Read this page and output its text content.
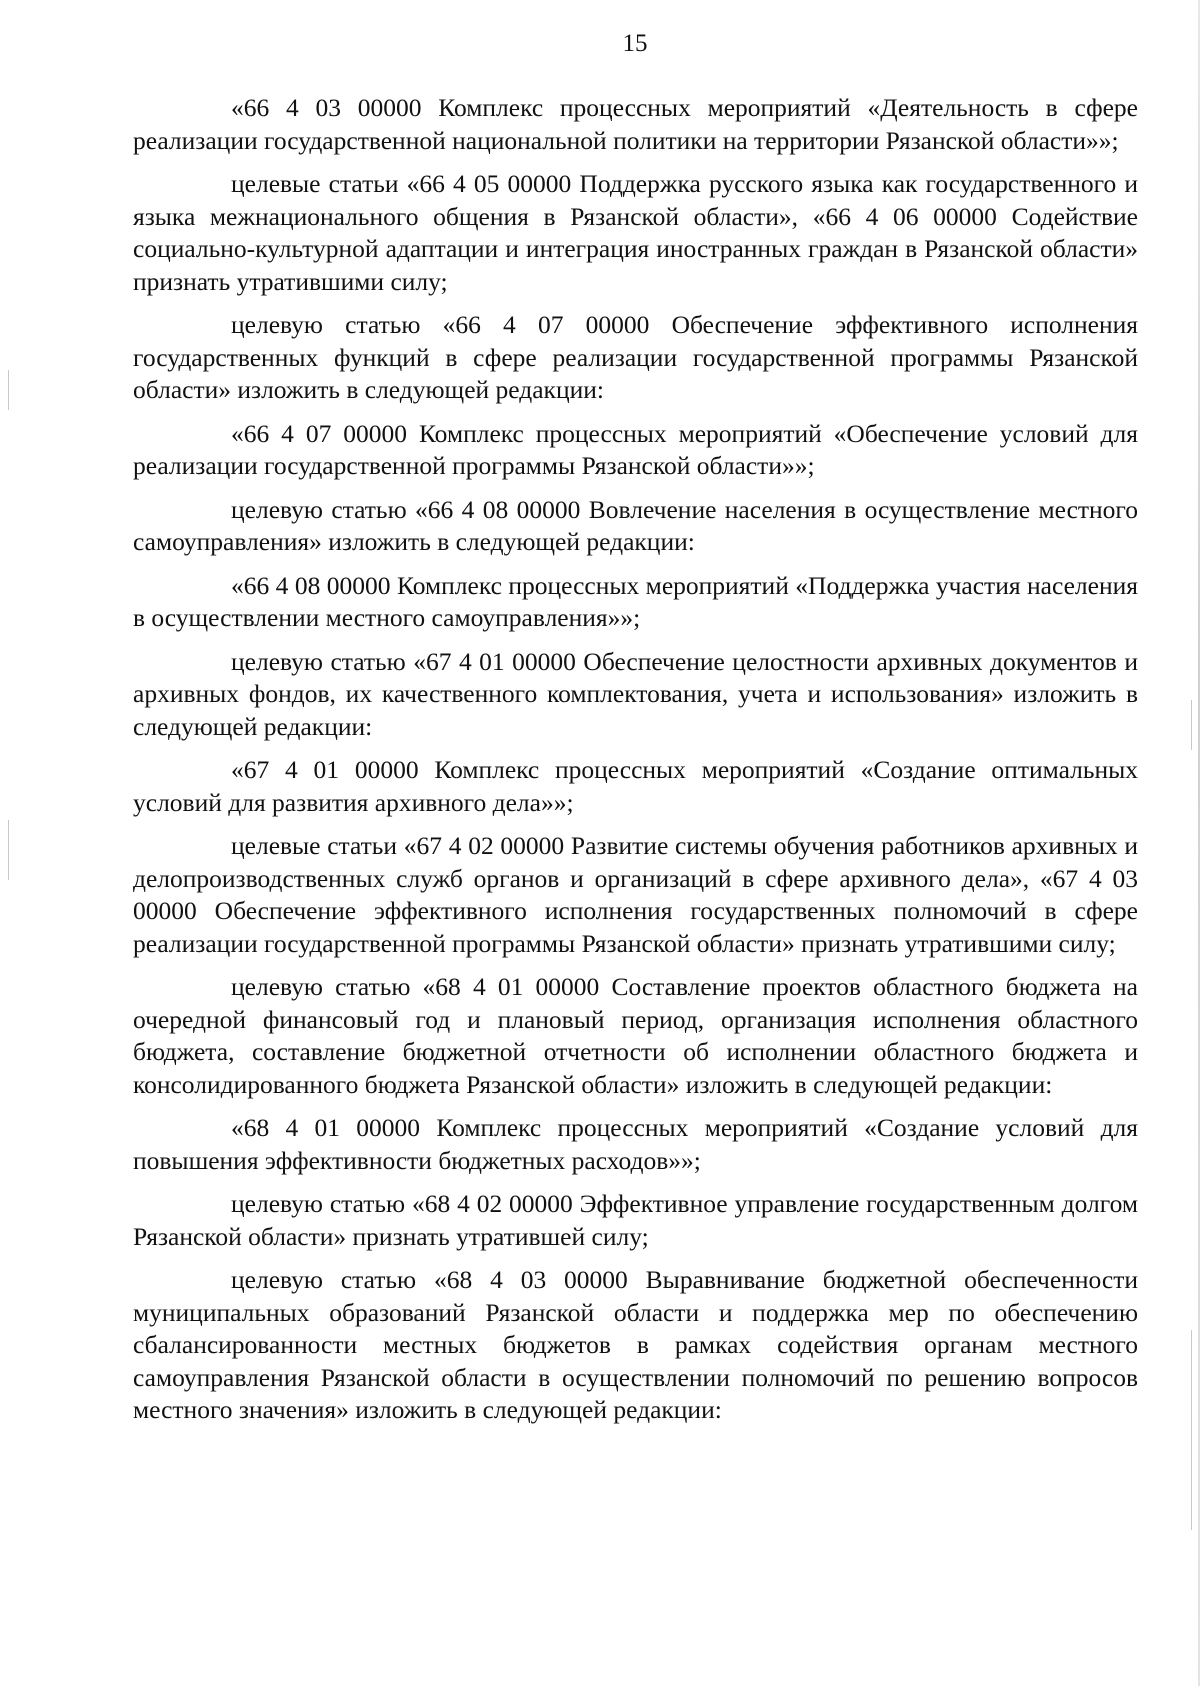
15

«66 4 03 00000 Комплекс процессных мероприятий «Деятельность в сфере реализации государственной национальной политики на территории Рязанской области»»;

целевые статьи «66 4 05 00000 Поддержка русского языка как государственного и языка межнационального общения в Рязанской области», «66 4 06 00000 Содействие социально-культурной адаптации и интеграция иностранных граждан в Рязанской области» признать утратившими силу;

целевую статью «66 4 07 00000 Обеспечение эффективного исполнения государственных функций в сфере реализации государственной программы Рязанской области» изложить в следующей редакции:

«66 4 07 00000 Комплекс процессных мероприятий «Обеспечение условий для реализации государственной программы Рязанской области»»;

целевую статью «66 4 08 00000 Вовлечение населения в осуществление местного самоуправления» изложить в следующей редакции:

«66 4 08 00000 Комплекс процессных мероприятий «Поддержка участия населения в осуществлении местного самоуправления»»;

целевую статью «67 4 01 00000 Обеспечение целостности архивных документов и архивных фондов, их качественного комплектования, учета и использования» изложить в следующей редакции:

«67 4 01 00000 Комплекс процессных мероприятий «Создание оптимальных условий для развития архивного дела»»;

целевые статьи «67 4 02 00000 Развитие системы обучения работников архивных и делопроизводственных служб органов и организаций в сфере архивного дела», «67 4 03 00000 Обеспечение эффективного исполнения государственных полномочий в сфере реализации государственной программы Рязанской области» признать утратившими силу;

целевую статью «68 4 01 00000 Составление проектов областного бюджета на очередной финансовый год и плановый период, организация исполнения областного бюджета, составление бюджетной отчетности об исполнении областного бюджета и консолидированного бюджета Рязанской области» изложить в следующей редакции:

«68 4 01 00000 Комплекс процессных мероприятий «Создание условий для повышения эффективности бюджетных расходов»»;

целевую статью «68 4 02 00000 Эффективное управление государственным долгом Рязанской области» признать утратившей силу;

целевую статью «68 4 03 00000 Выравнивание бюджетной обеспеченности муниципальных образований Рязанской области и поддержка мер по обеспечению сбалансированности местных бюджетов в рамках содействия органам местного самоуправления Рязанской области в осуществлении полномочий по решению вопросов местного значения» изложить в следующей редакции:
